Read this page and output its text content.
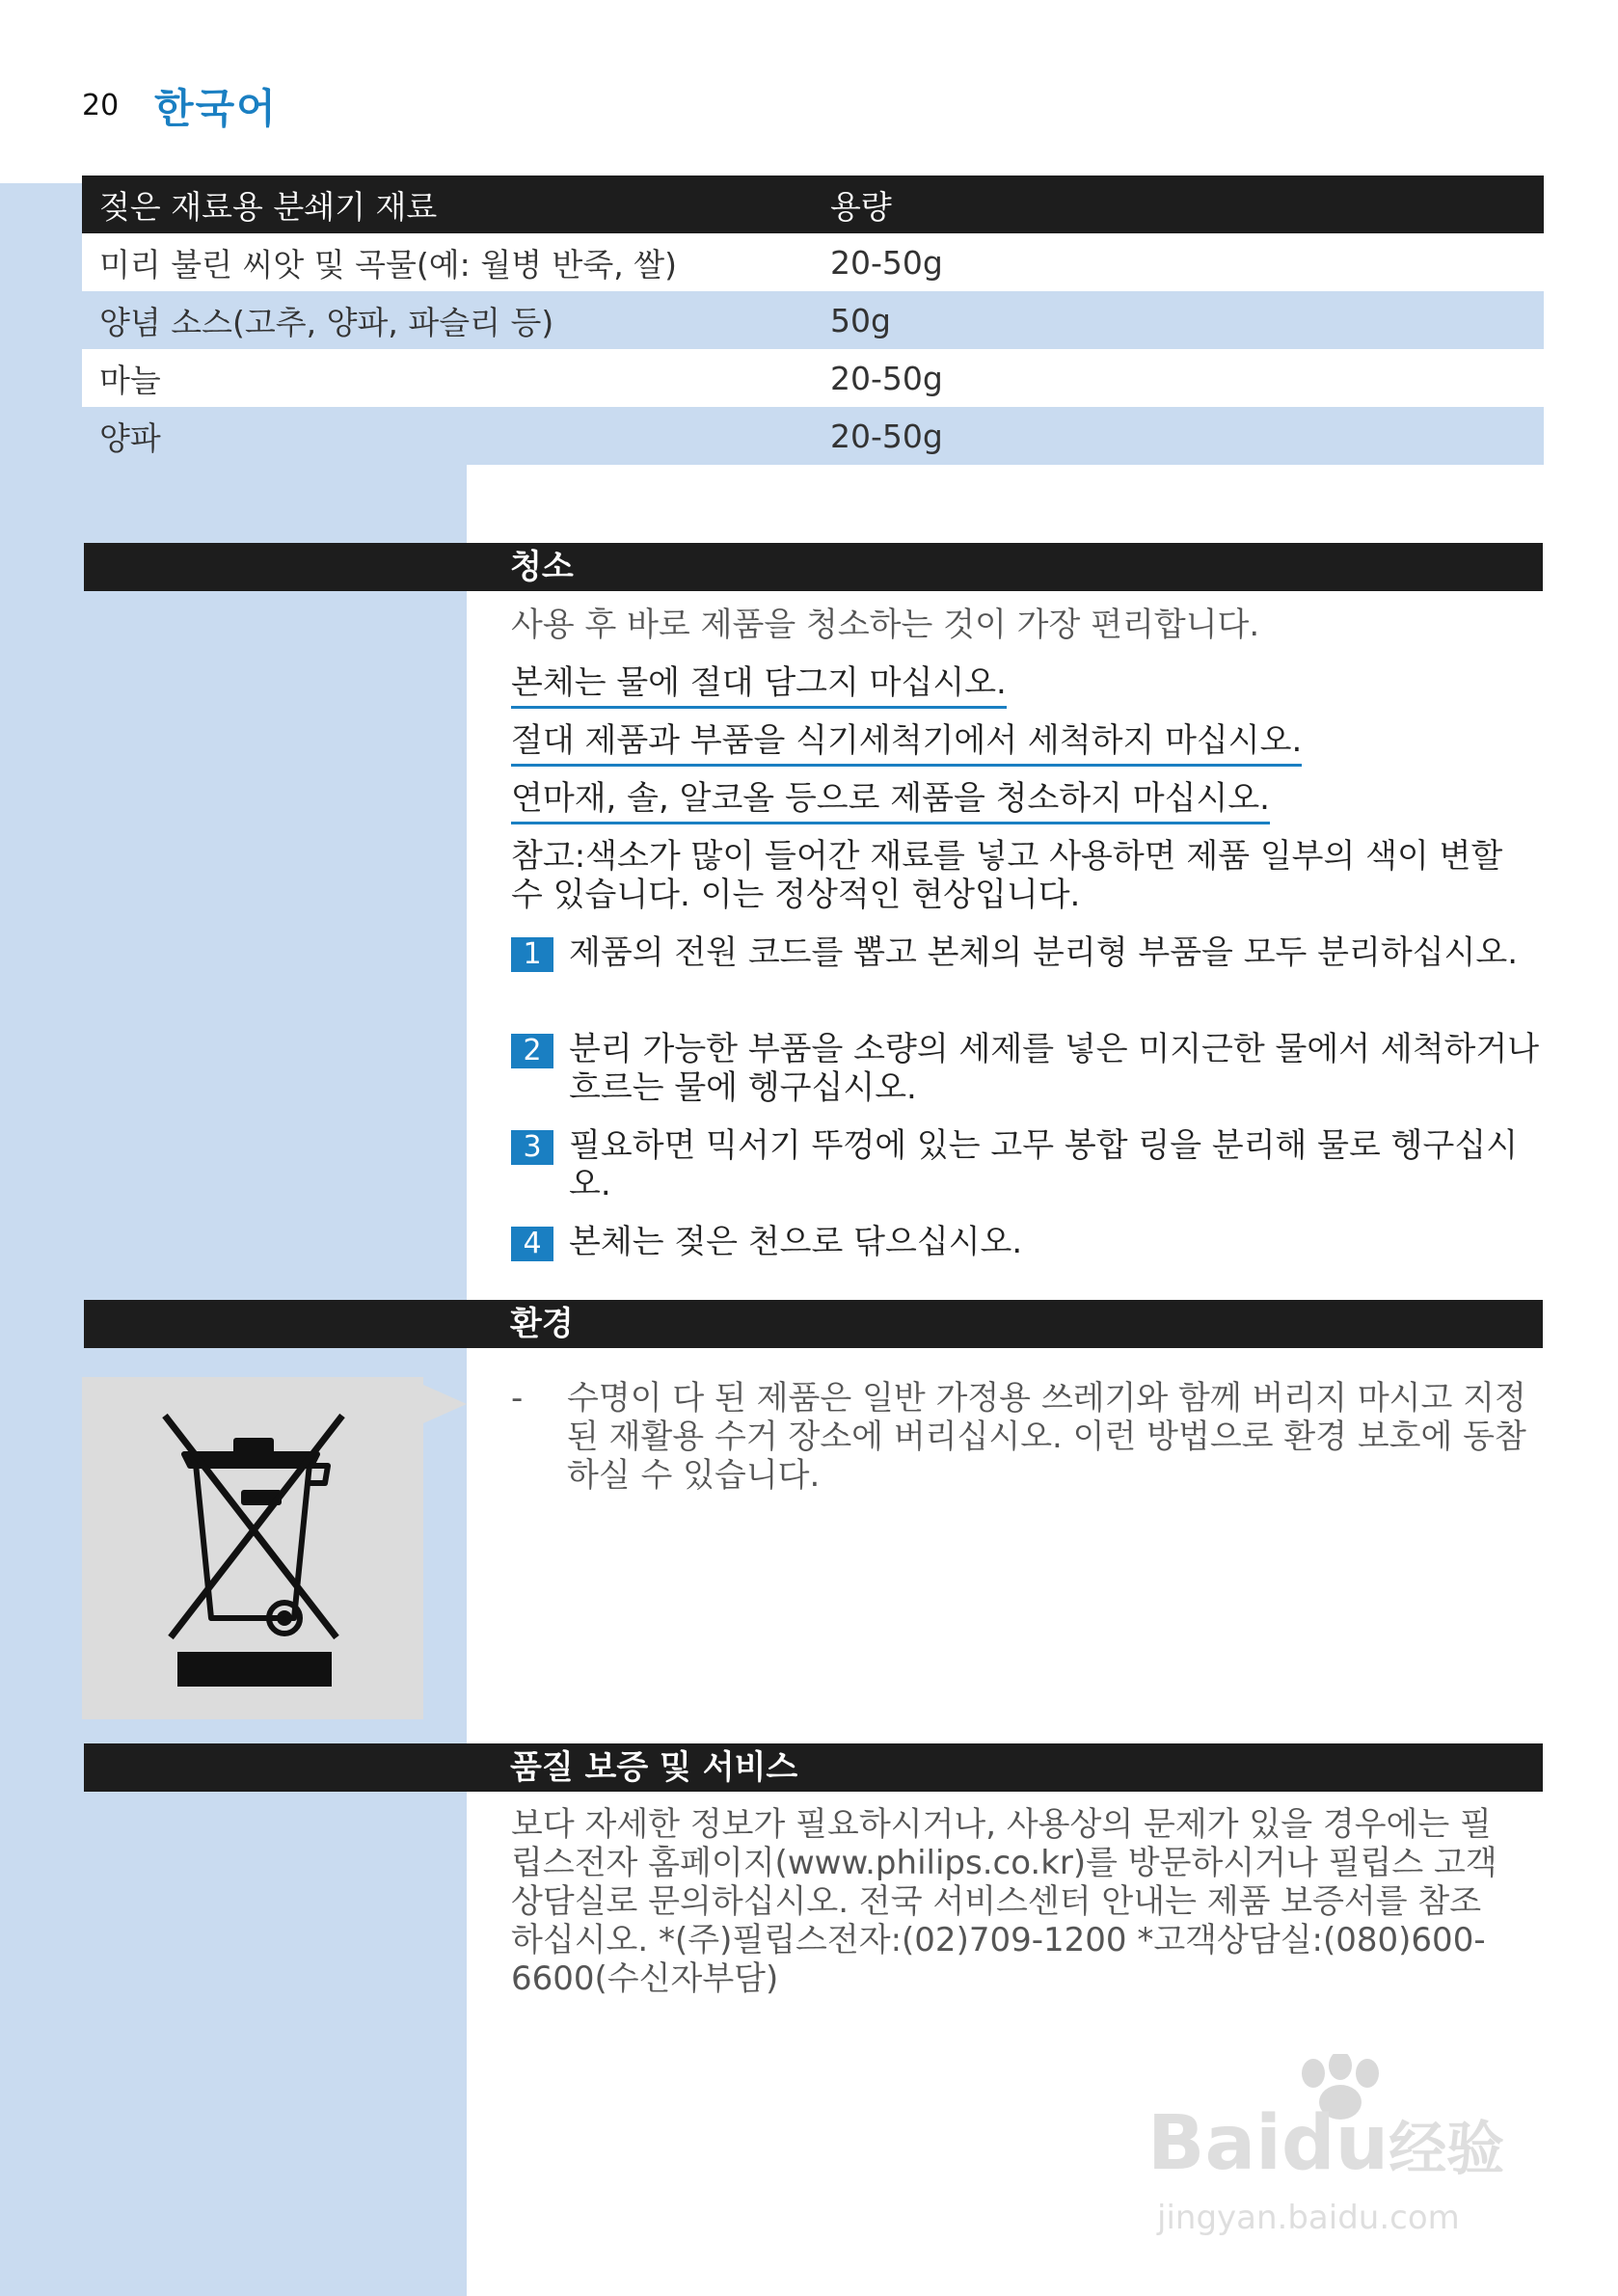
20 한국어
젖은 재료용 분쇄기 재료	용량
미리 불린 씨앗 및 곡물(예: 월병 반죽, 쌀)	20-50g
양념 소스(고추, 양파, 파슬리 등)	50g
마늘	20-50g
양파	20-50g
청소
사용 후 바로 제품을 청소하는 것이 가장 편리합니다.
본체는 물에 절대 담그지 마십시오.
절대 제품과 부품을 식기세척기에서 세척하지 마십시오.
연마재, 솔, 알코올 등으로 제품을 청소하지 마십시오.
참고:색소가 많이 들어간 재료를 넣고 사용하면 제품 일부의 색이 변할 수 있습니다. 이는 정상적인 현상입니다.
1 제품의 전원 코드를 뽑고 본체의 분리형 부품을 모두 분리하십시오.
2 분리 가능한 부품을 소량의 세제를 넣은 미지근한 물에서 세척하거나 흐르는 물에 헹구십시오.
3 필요하면 믹서기 뚜껑에 있는 고무 봉합 링을 분리해 물로 헹구십시오.
4 본체는 젖은 천으로 닦으십시오.
환경
- 수명이 다 된 제품은 일반 가정용 쓰레기와 함께 버리지 마시고 지정된 재활용 수거 장소에 버리십시오. 이런 방법으로 환경 보호에 동참하실 수 있습니다.
품질 보증 및 서비스
보다 자세한 정보가 필요하시거나, 사용상의 문제가 있을 경우에는 필립스전자 홈페이지(www.philips.co.kr)를 방문하시거나 필립스 고객 상담실로 문의하십시오. 전국 서비스센터 안내는 제품 보증서를 참조하십시오. *(주)필립스전자:(02)709-1200 *고객상담실:(080)600-6600(수신자부담)
Baidu经验
jingyan.baidu.com
